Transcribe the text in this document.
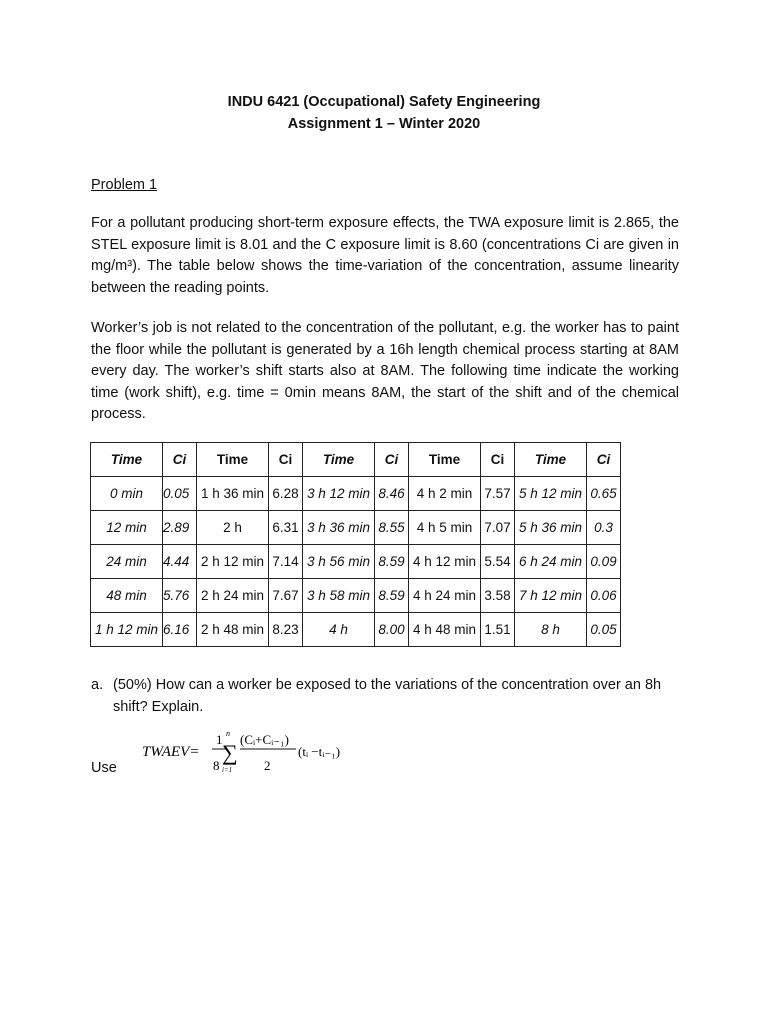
INDU 6421 (Occupational) Safety Engineering
Assignment 1 – Winter 2020
Problem 1

For a pollutant producing short-term exposure effects, the TWA exposure limit is 2.865, the STEL exposure limit is 8.01 and the C exposure limit is 8.60 (concentrations Ci are given in mg/m³). The table below shows the time-variation of the concentration, assume linearity between the reading points.

Worker’s job is not related to the concentration of the pollutant, e.g. the worker has to paint the floor while the pollutant is generated by a 16h length chemical process starting at 8AM every day. The worker’s shift starts also at 8AM. The following time indicate the working time (work shift), e.g. time = 0min means 8AM, the start of the shift and of the chemical process.

Time	Ci	Time	Ci	Time	Ci	Time	Ci	Time	Ci
0 min	0.05	1 h 36 min	6.28	3 h 12 min	8.46	4 h 2 min	7.57	5 h 12 min	0.65
12 min	2.89	2 h	6.31	3 h 36 min	8.55	4 h 5 min	7.07	5 h 36 min	0.3
24 min	4.44	2 h 12 min	7.14	3 h 56 min	8.59	4 h 12 min	5.54	6 h 24 min	0.09
48 min	5.76	2 h 24 min	7.67	3 h 58 min	8.59	4 h 24 min	3.58	7 h 12 min	0.06
1 h 12 min	6.16	2 h 48 min	8.23	4 h	8.00	4 h 48 min	1.51	8 h	0.05
a. (50%) How can a worker be exposed to the variations of the concentration over an 8h shift? Explain.
TWAEV=
1
8
n
∑
i=1
(Cᵢ+Cᵢ₋₁)
2
(tᵢ −tᵢ₋₁)
Use
